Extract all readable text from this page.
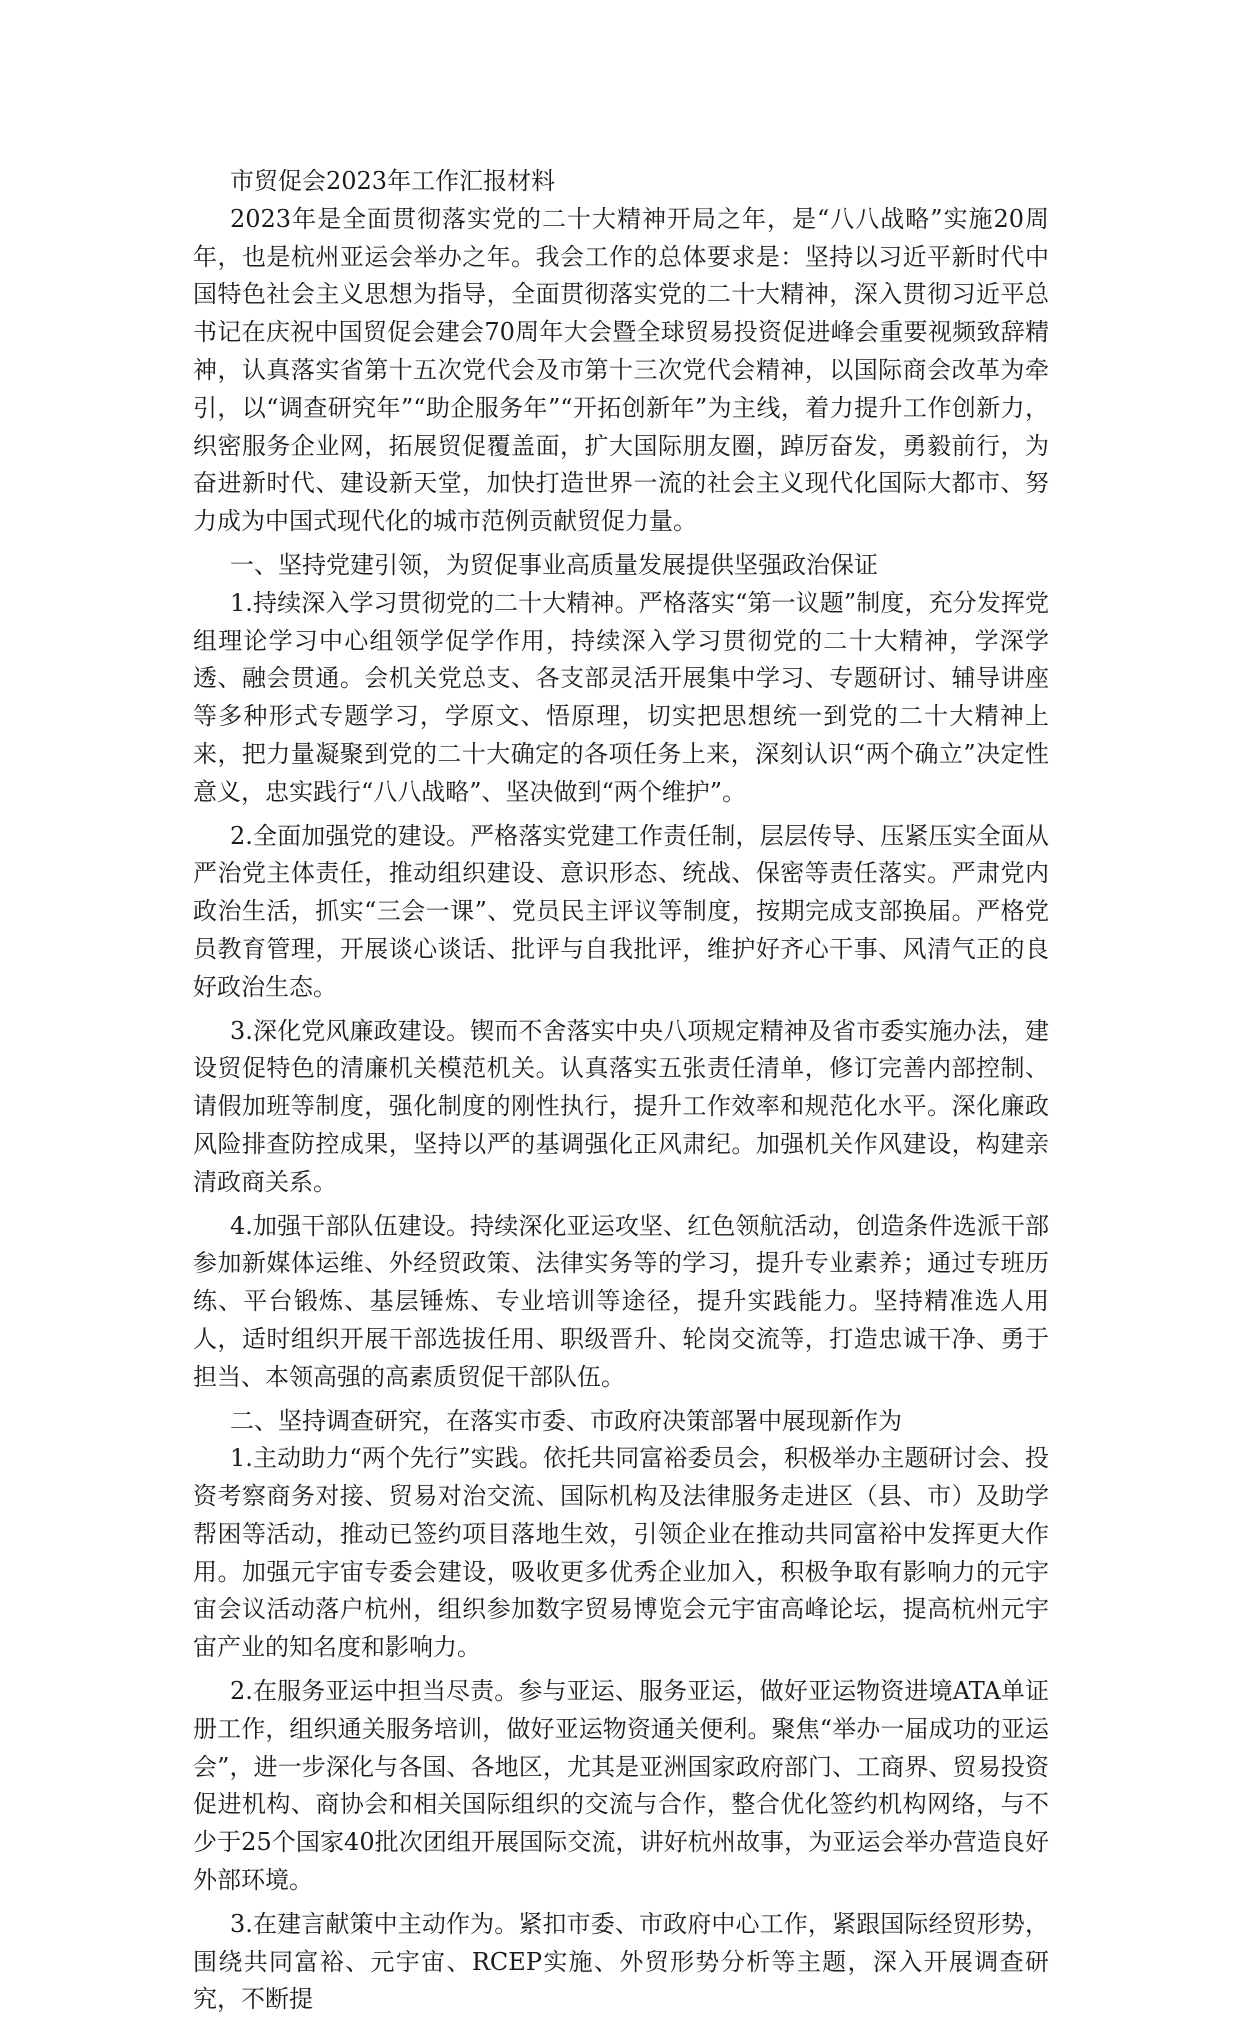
市贸促会2023年工作汇报材料

2023年是全面贯彻落实党的二十大精神开局之年，是“八八战略”实施20周年，也是杭州亚运会举办之年。我会工作的总体要求是：坚持以习近平新时代中国特色社会主义思想为指导，全面贯彻落实党的二十大精神，深入贯彻习近平总书记在庆祝中国贸促会建会70周年大会暨全球贸易投资促进峰会重要视频致辞精神，认真落实省第十五次党代会及市第十三次党代会精神，以国际商会改革为牵引，以“调查研究年”“助企服务年”“开拓创新年”为主线，着力提升工作创新力，织密服务企业网，拓展贸促覆盖面，扩大国际朋友圈，踔厉奋发，勇毅前行，为奋进新时代、建设新天堂，加快打造世界一流的社会主义现代化国际大都市、努力成为中国式现代化的城市范例贡献贸促力量。

一、坚持党建引领，为贸促事业高质量发展提供坚强政治保证

1.持续深入学习贯彻党的二十大精神。严格落实“第一议题”制度，充分发挥党组理论学习中心组领学促学作用，持续深入学习贯彻党的二十大精神，学深学透、融会贯通。会机关党总支、各支部灵活开展集中学习、专题研讨、辅导讲座等多种形式专题学习，学原文、悟原理，切实把思想统一到党的二十大精神上来，把力量凝聚到党的二十大确定的各项任务上来，深刻认识“两个确立”决定性意义，忠实践行“八八战略”、坚决做到“两个维护”。

2.全面加强党的建设。严格落实党建工作责任制，层层传导、压紧压实全面从严治党主体责任，推动组织建设、意识形态、统战、保密等责任落实。严肃党内政治生活，抓实“三会一课”、党员民主评议等制度，按期完成支部换届。严格党员教育管理，开展谈心谈话、批评与自我批评，维护好齐心干事、风清气正的良好政治生态。

3.深化党风廉政建设。锲而不舍落实中央八项规定精神及省市委实施办法，建设贸促特色的清廉机关模范机关。认真落实五张责任清单，修订完善内部控制、请假加班等制度，强化制度的刚性执行，提升工作效率和规范化水平。深化廉政风险排查防控成果，坚持以严的基调强化正风肃纪。加强机关作风建设，构建亲清政商关系。

4.加强干部队伍建设。持续深化亚运攻坚、红色领航活动，创造条件选派干部参加新媒体运维、外经贸政策、法律实务等的学习，提升专业素养；通过专班历练、平台锻炼、基层锤炼、专业培训等途径，提升实践能力。坚持精准选人用人，适时组织开展干部选拔任用、职级晋升、轮岗交流等，打造忠诚干净、勇于担当、本领高强的高素质贸促干部队伍。

二、坚持调查研究，在落实市委、市政府决策部署中展现新作为

1.主动助力“两个先行”实践。依托共同富裕委员会，积极举办主题研讨会、投资考察商务对接、贸易对治交流、国际机构及法律服务走进区（县、市）及助学帮困等活动，推动已签约项目落地生效，引领企业在推动共同富裕中发挥更大作用。加强元宇宙专委会建设，吸收更多优秀企业加入，积极争取有影响力的元宇宙会议活动落户杭州，组织参加数字贸易博览会元宇宙高峰论坛，提高杭州元宇宙产业的知名度和影响力。

2.在服务亚运中担当尽责。参与亚运、服务亚运，做好亚运物资进境ATA单证册工作，组织通关服务培训，做好亚运物资通关便利。聚焦“举办一届成功的亚运会”，进一步深化与各国、各地区，尤其是亚洲国家政府部门、工商界、贸易投资促进机构、商协会和相关国际组织的交流与合作，整合优化签约机构网络，与不少于25个国家40批次团组开展国际交流，讲好杭州故事，为亚运会举办营造良好外部环境。

3.在建言献策中主动作为。紧扣市委、市政府中心工作，紧跟国际经贸形势，围绕共同富裕、元宇宙、RCEP实施、外贸形势分析等主题，深入开展调查研究，不断提
